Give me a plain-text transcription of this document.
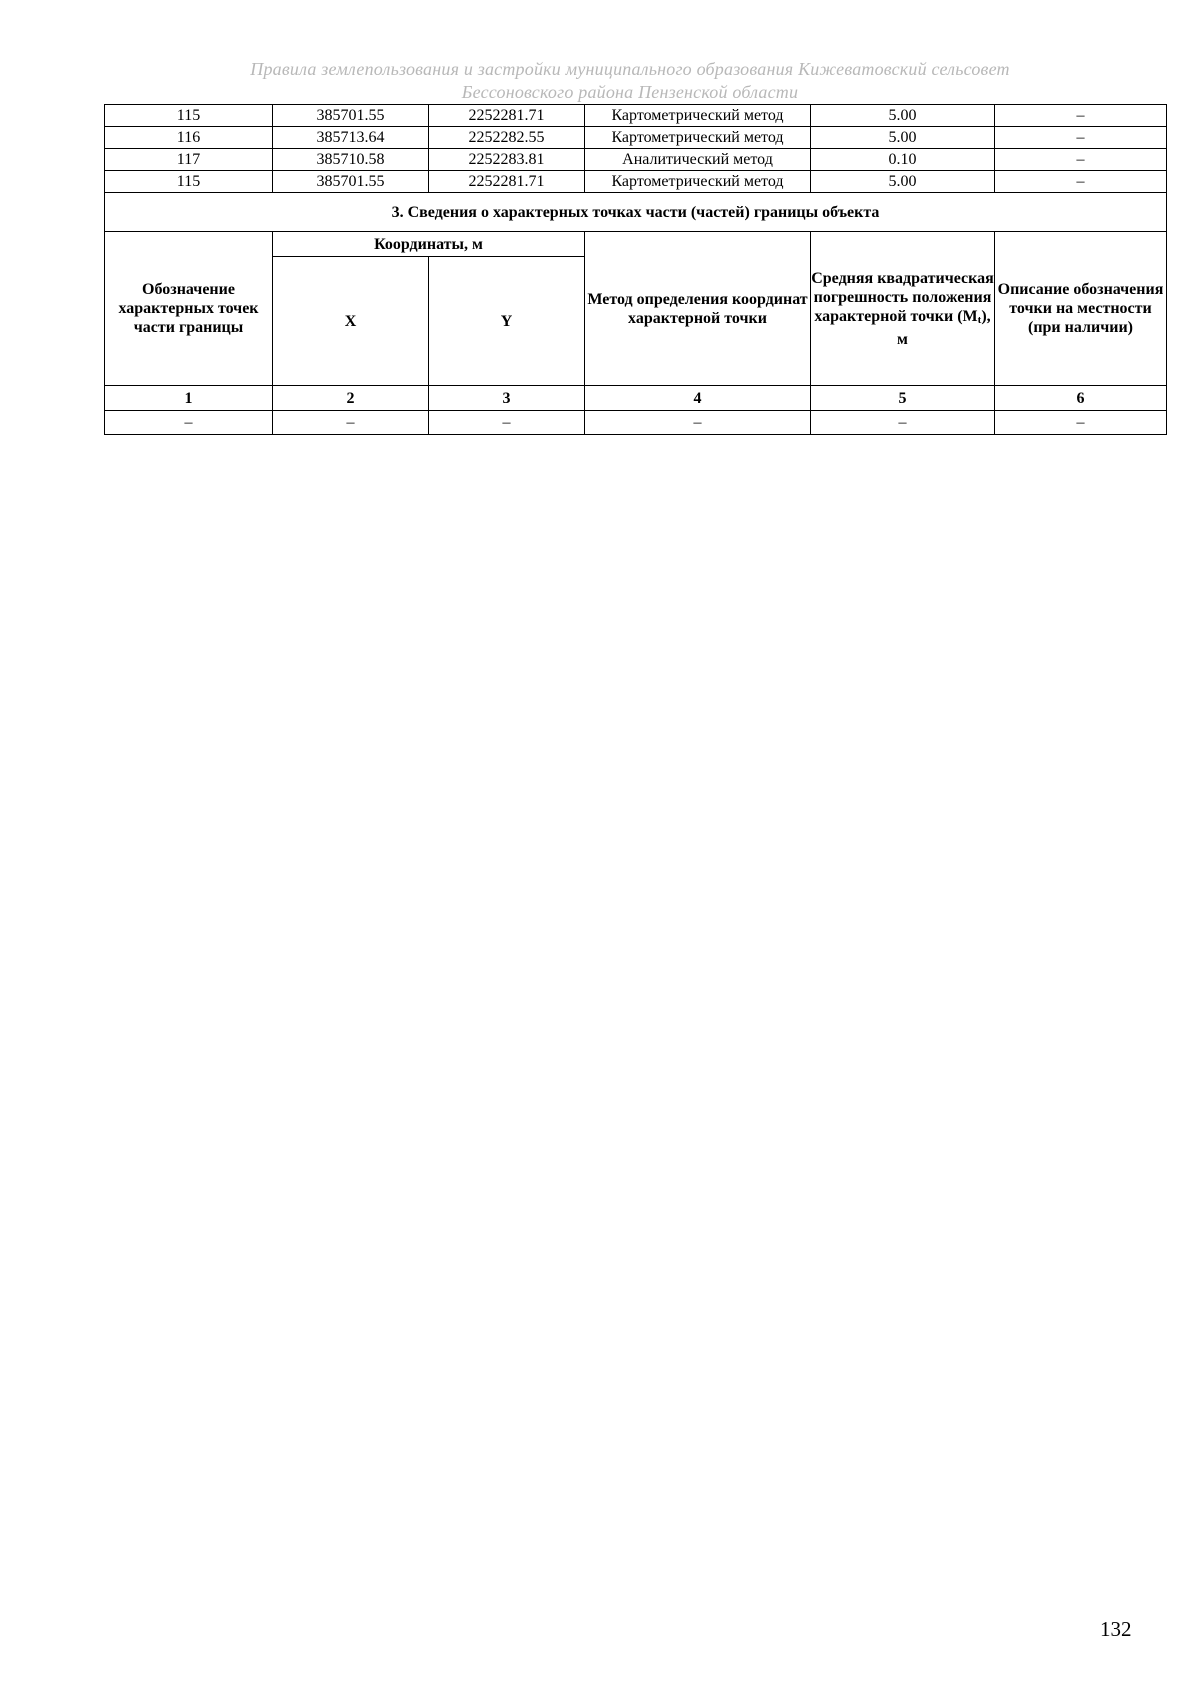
Правила землепользования и застройки муниципального образования Кижеватовский сельсовет
Бессоновского района Пензенской области
115	385701.55	2252281.71	Картометрический метод	5.00	–
116	385713.64	2252282.55	Картометрический метод	5.00	–
117	385710.58	2252283.81	Аналитический метод	0.10	–
115	385701.55	2252281.71	Картометрический метод	5.00	–
3. Сведения о характерных точках части (частей) границы объекта					
Обозначение характерных точек части границы	Координаты, м		Метод определения координат характерной точки	Средняя квадратическая погрешность положения характерной точки $(M_t)$, м	Описание обозначения точки на местности (при наличии)
	X	Y			
1	2	3	4	5	6
–	–	–	–	–	–
132
